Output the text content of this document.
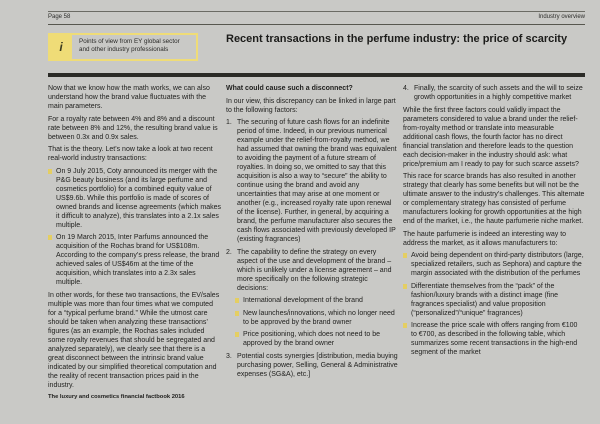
Page 58	Industry overview
i	Points of view from EY global sector
and other industry professionals
Recent transactions in the perfume industry: the price of scarcity

Now that we know how the math works, we can also understand how the brand value fluctuates with the main parameters.

For a royalty rate between 4% and 8% and a discount rate between 8% and 12%, the resulting brand value is between 0.3x and 0.9x sales.

That is the theory. Let’s now take a look at two recent real-world industry transactions:

On 9 July 2015, Coty announced its merger with the P&G beauty business (and its large perfume and cosmetics portfolio) for a combined equity value of US$9.6b. While this portfolio is made of scores of owned brands and license agreements (which makes it difficult to analyze), this translates into a 2.1x sales multiple.

On 19 March 2015, Inter Parfums announced the acquisition of the Rochas brand for US$108m. According to the company’s press release, the brand achieved sales of US$46m at the time of the acquisition, which translates into a 2.3x sales multiple.

In other words, for these two transactions, the EV/sales multiple was more than four times what we computed for a “typical perfume brand.” While the utmost care should be taken when analyzing these transactions’ figures (as an example, the Rochas sales included some royalty revenues that should be segregated and analyzed separately), we clearly see that there is a great disconnect between the intrinsic brand value indicated by our simplified theoretical computation and the reality of recent transaction prices paid in the industry.

What could cause such a disconnect?

In our view, this discrepancy can be linked in large part to the following factors:

1. The securing of future cash flows for an indefinite period of time. Indeed, in our previous numerical example under the relief-from-royalty method, we had assumed that owning the brand was equivalent to avoiding the payment of a future stream of royalties. In doing so, we omitted to say that this acquisition is also a way to “secure” the ability to continue using the brand and avoid any uncertainties that may arise at one moment or another (e.g., increased royalty rate upon renewal of the license). Further, in general, by acquiring a brand, the perfume manufacturer also secures the cash flows associated with previously developed IP (existing fragrances)

2. The capability to define the strategy on every aspect of the use and development of the brand – which is unlikely under a license agreement – and more specifically on the following strategic decisions:

International development of the brand

New launches/innovations, which no longer need to be approved by the brand owner

Price positioning, which does not need to be approved by the brand owner

3. Potential costs synergies [distribution, media buying purchasing power, Selling, General & Administrative expenses (SG&A), etc.]

4. Finally, the scarcity of such assets and the will to seize growth opportunities in a highly competitive market

While the first three factors could validly impact the parameters considered to value a brand under the relief-from-royalty method or translate into measurable additional cash flows, the fourth factor has no direct financial translation and therefore leads to the question each decision-maker in the industry should ask: what price/premium am I ready to pay for such scarce assets?

This race for scarce brands has also resulted in another strategy that clearly has some benefits but will not be the ultimate answer to the industry’s challenges. This alternate or complementary strategy has consisted of perfume manufacturers looking for growth opportunities at the high end of the market, i.e., the haute parfumerie niche market.

The haute parfumerie is indeed an interesting way to address the market, as it allows manufacturers to:

Avoid being dependent on third-party distributors (large, specialized retailers, such as Sephora) and capture the margin associated with the distribution of the perfumes

Differentiate themselves from the “pack” of the fashion/luxury brands with a distinct image (fine fragrances specialist) and value proposition (“personalized”/“unique” fragrances)

Increase the price scale with offers ranging from €100 to €700, as described in the following table, which summarizes some recent transactions in the high-end segment of the market

The luxury and cosmetics financial factbook 2016
